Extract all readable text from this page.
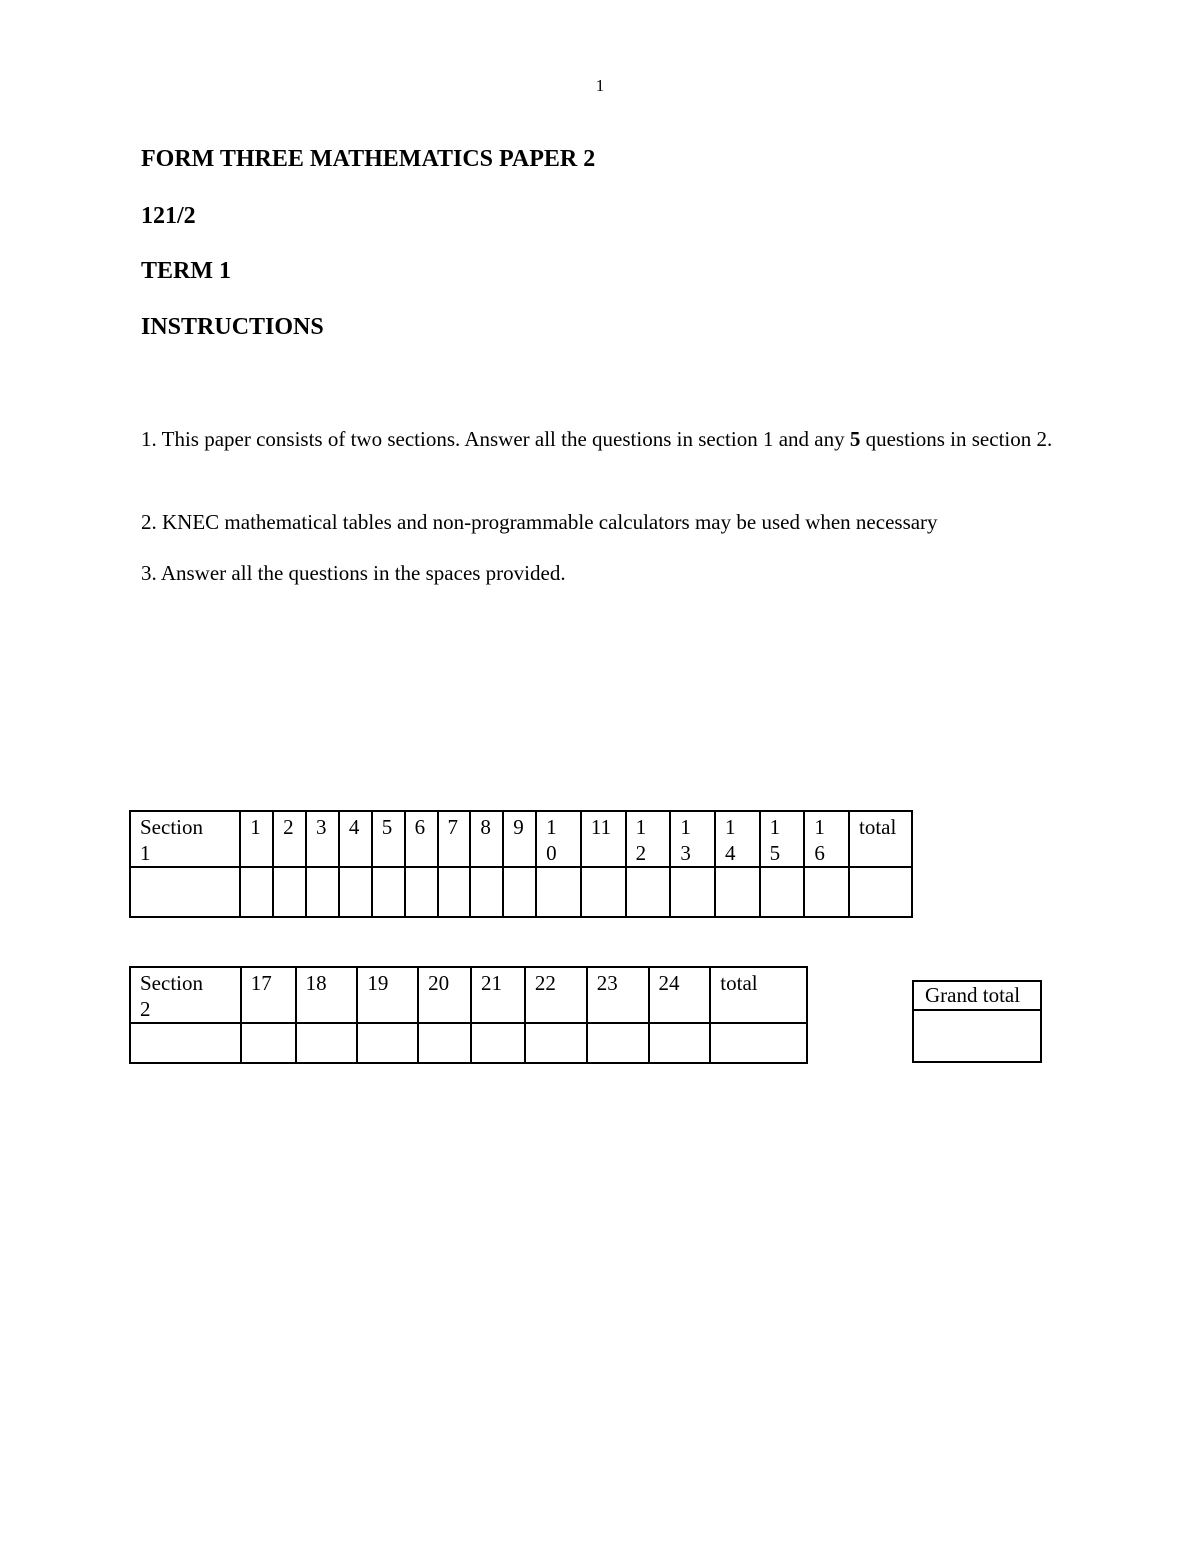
1
FORM THREE MATHEMATICS PAPER 2
121/2
TERM 1
INSTRUCTIONS

1. This paper consists of two sections. Answer all the questions in section 1 and any 5 questions in section 2.

2. KNEC mathematical tables and non-programmable calculators may be used when necessary

3. Answer all the questions in the spaces provided.

Section
1	1	2	3	4	5	6	7	8	9	10	11	12	13	14	15	16	total

Section
2	17	18	19	20	21	22	23	24	total
										Grand total
